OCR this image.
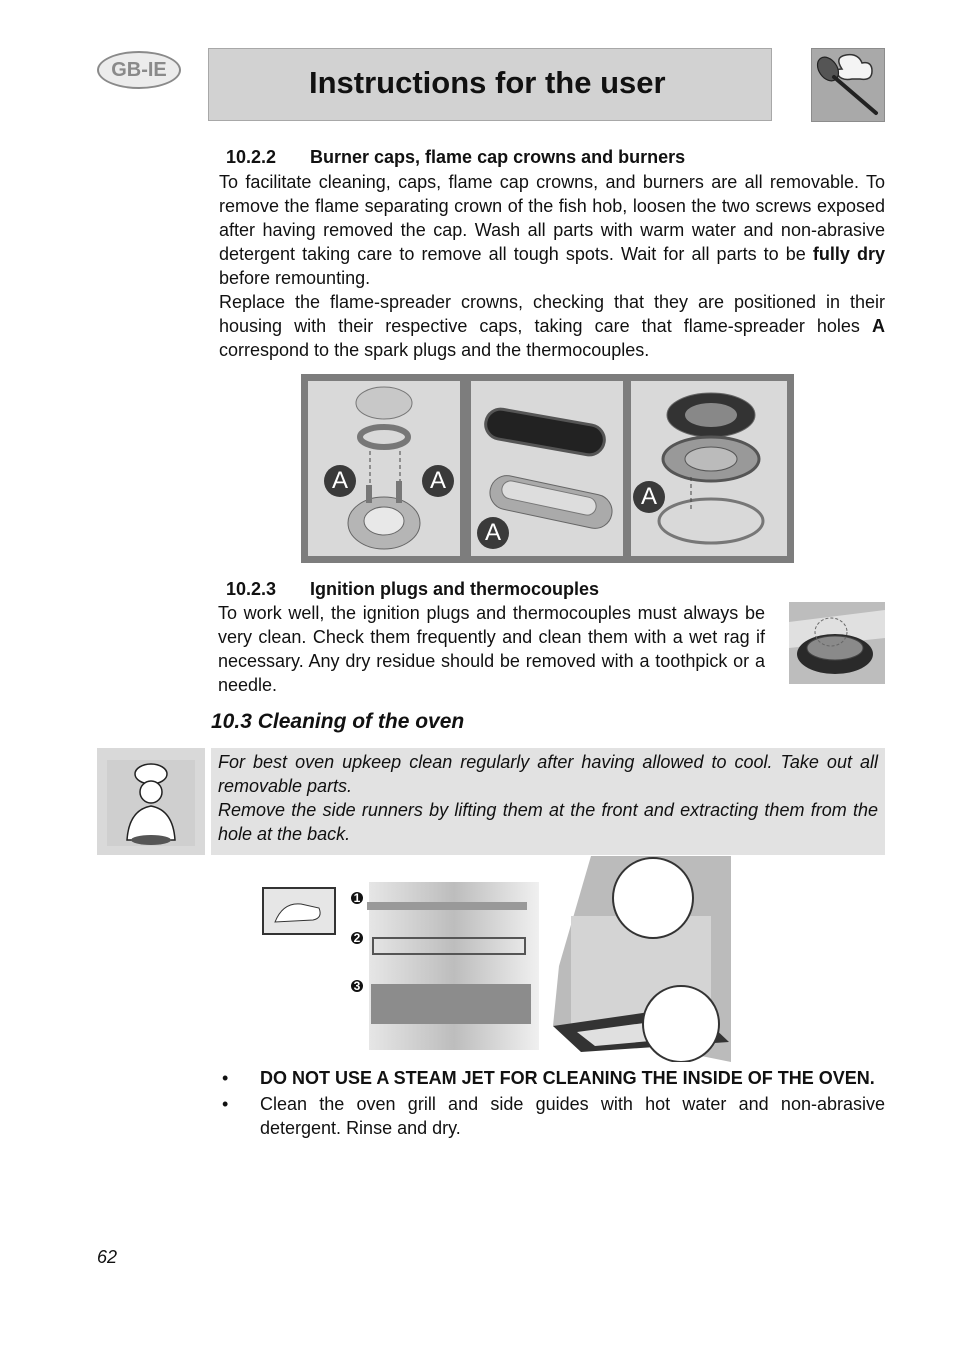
GB-IE	Instructions for the user
10.2.2 Burner caps, flame cap crowns and burners

To facilitate cleaning, caps, flame cap crowns, and burners are all removable. To remove the flame separating crown of the fish hob, loosen the two screws exposed after having removed the cap. Wash all parts with warm water and non-abrasive detergent taking care to remove all tough spots. Wait for all parts to be fully dry before remounting.

Replace the flame-spreader crowns, checking that they are positioned in their housing with their respective caps, taking care that flame-spreader holes A correspond to the spark plugs and the thermocouples.

A	A
A
A
10.2.3 Ignition plugs and thermocouples

To work well, the ignition plugs and thermocouples must always be very clean. Check them frequently and clean them with a wet rag if necessary. Any dry residue should be removed with a toothpick or a needle.

10.3 Cleaning of the oven

For best oven upkeep clean regularly after having allowed to cool. Take out all removable parts.

Remove the side runners by lifting them at the front and extracting them from the hole at the back.

1
2
3
• DO NOT USE A STEAM JET FOR CLEANING THE INSIDE OF THE OVEN.
• Clean the oven grill and side guides with hot water and non-abrasive detergent. Rinse and dry.
62
